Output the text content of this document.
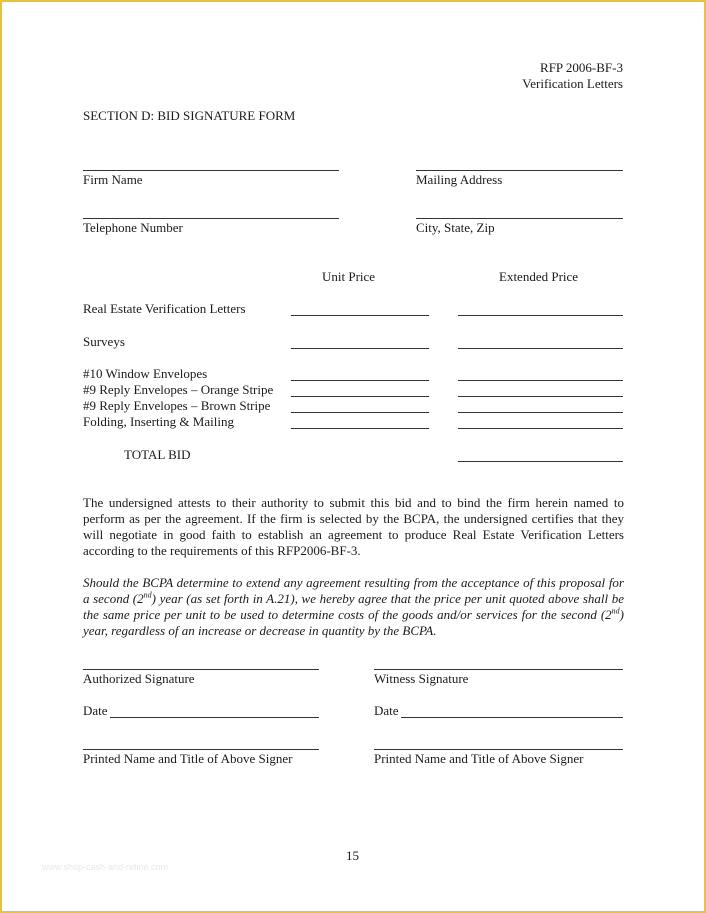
RFP 2006-BF-3
Verification Letters
SECTION D: BID SIGNATURE FORM
Firm Name	Mailing Address
Telephone Number	City, State, Zip
Unit Price	Extended Price
Real Estate Verification Letters
Surveys
#10 Window Envelopes
#9 Reply Envelopes – Orange Stripe
#9 Reply Envelopes – Brown Stripe
Folding, Inserting & Mailing
TOTAL BID
The undersigned attests to their authority to submit this bid and to bind the firm herein named to perform as per the agreement. If the firm is selected by the BCPA, the undersigned certifies that they will negotiate in good faith to establish an agreement to produce Real Estate Verification Letters according to the requirements of this RFP2006-BF-3.
Should the BCPA determine to extend any agreement resulting from the acceptance of this proposal for a second (2nd) year (as set forth in A.21), we hereby agree that the price per unit quoted above shall be the same price per unit to be used to determine costs of the goods and/or services for the second (2nd) year, regardless of an increase or decrease in quantity by the BCPA.
Authorized Signature	Witness Signature
Date	Date
Printed Name and Title of Above Signer	Printed Name and Title of Above Signer
15
www.shop-cash-and-refine.com
